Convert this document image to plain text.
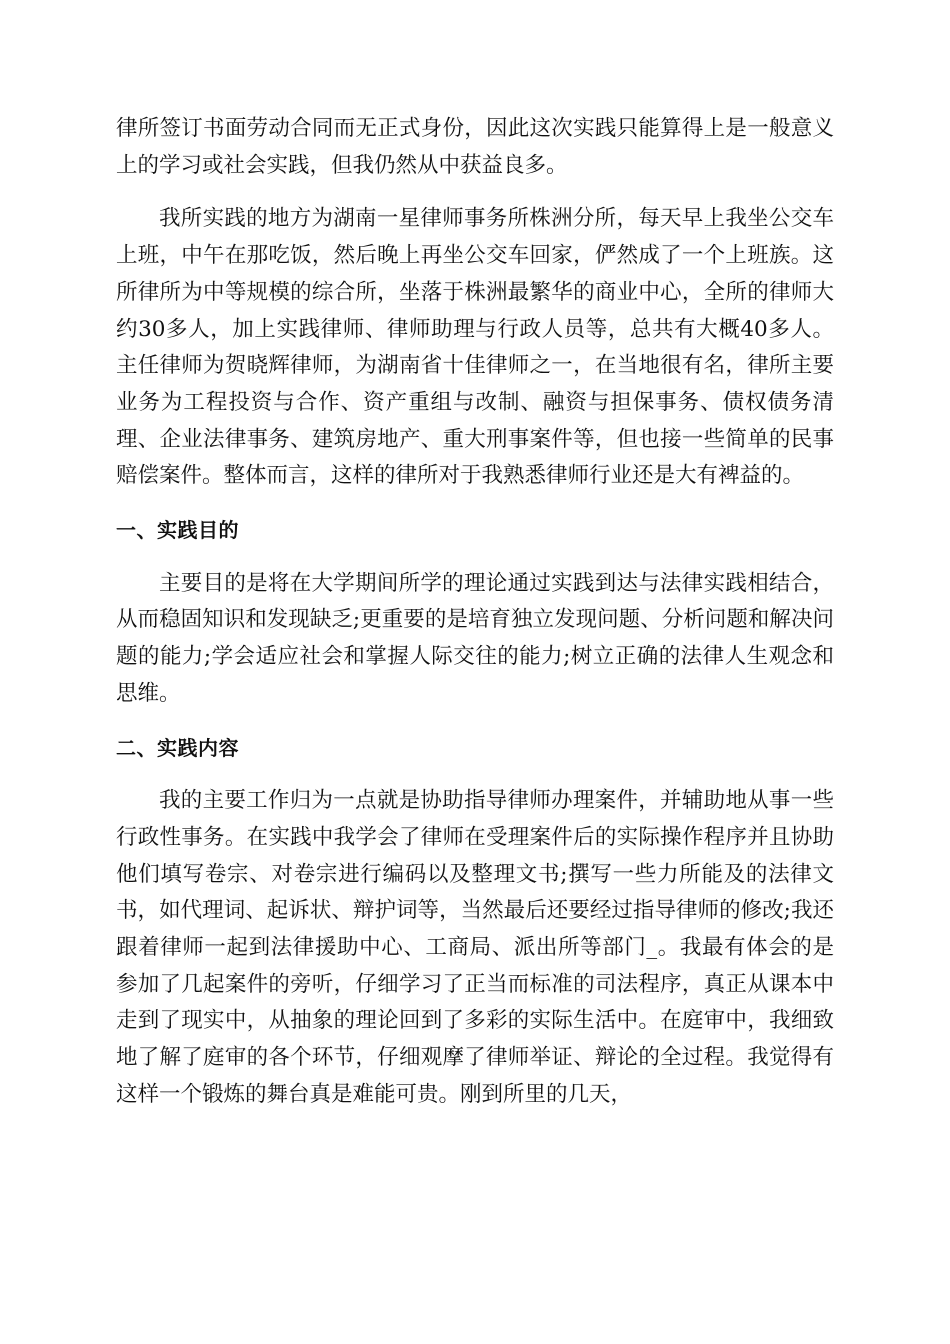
律所签订书面劳动合同而无正式身份，因此这次实践只能算得上是一般意义上的学习或社会实践，但我仍然从中获益良多。

我所实践的地方为湖南一星律师事务所株洲分所，每天早上我坐公交车上班，中午在那吃饭，然后晚上再坐公交车回家，俨然成了一个上班族。这所律所为中等规模的综合所，坐落于株洲最繁华的商业中心，全所的律师大约30多人，加上实践律师、律师助理与行政人员等，总共有大概40多人。主任律师为贺晓辉律师，为湖南省十佳律师之一，在当地很有名，律所主要业务为工程投资与合作、资产重组与改制、融资与担保事务、债权债务清理、企业法律事务、建筑房地产、重大刑事案件等，但也接一些简单的民事赔偿案件。整体而言，这样的律所对于我熟悉律师行业还是大有裨益的。

一、实践目的

主要目的是将在大学期间所学的理论通过实践到达与法律实践相结合，从而稳固知识和发现缺乏;更重要的是培育独立发现问题、分析问题和解决问题的能力;学会适应社会和掌握人际交往的能力;树立正确的法律人生观念和思维。

二、实践内容

我的主要工作归为一点就是协助指导律师办理案件，并辅助地从事一些行政性事务。在实践中我学会了律师在受理案件后的实际操作程序并且协助他们填写卷宗、对卷宗进行编码以及整理文书;撰写一些力所能及的法律文书，如代理词、起诉状、辩护词等，当然最后还要经过指导律师的修改;我还跟着律师一起到法律援助中心、工商局、派出所等部门_。我最有体会的是参加了几起案件的旁听，仔细学习了正当而标准的司法程序，真正从课本中走到了现实中，从抽象的理论回到了多彩的实际生活中。在庭审中，我细致地了解了庭审的各个环节，仔细观摩了律师举证、辩论的全过程。我觉得有这样一个锻炼的舞台真是难能可贵。刚到所里的几天，
